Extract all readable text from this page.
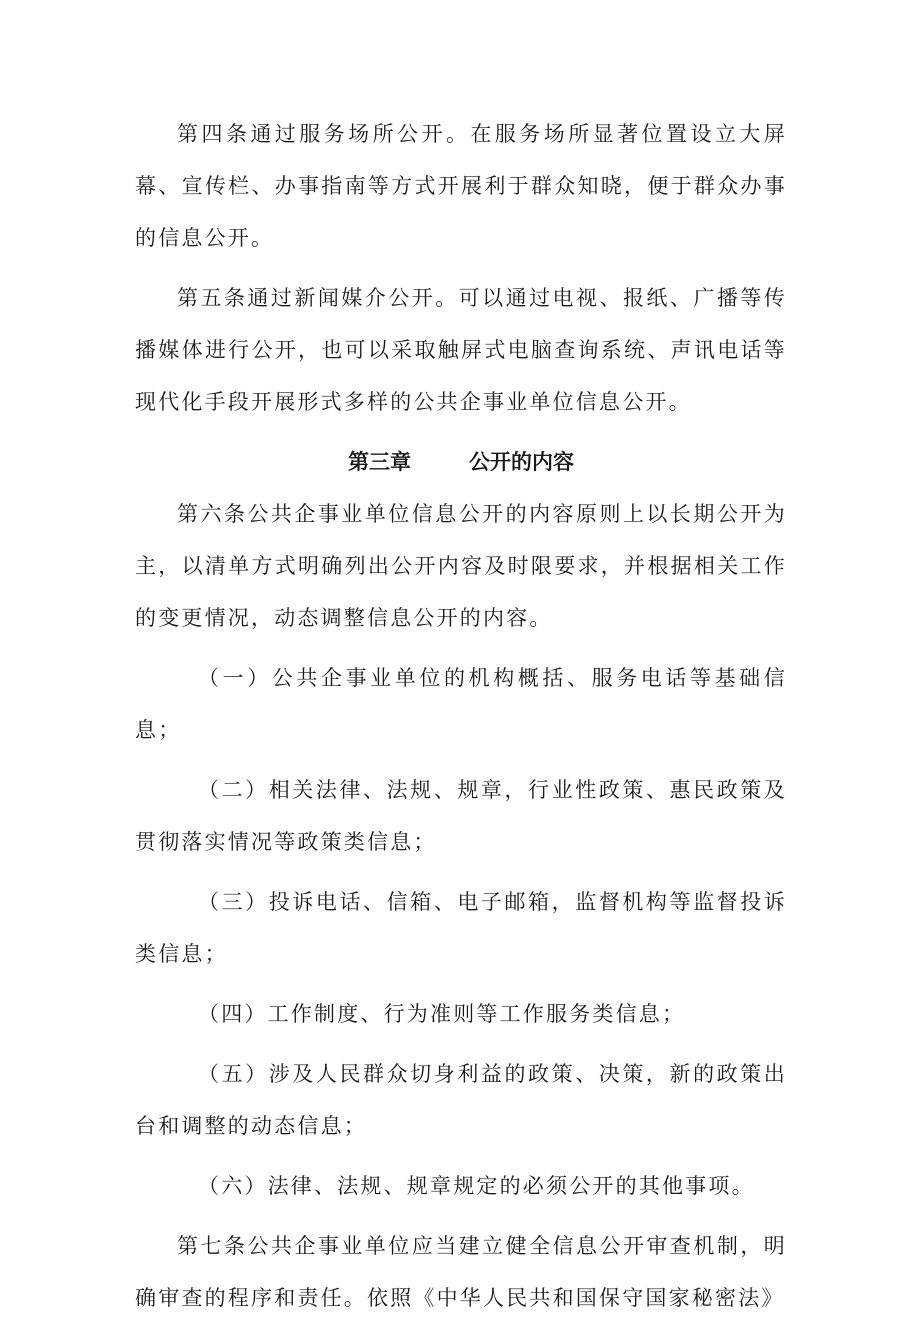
第四条通过服务场所公开。在服务场所显著位置设立大屏幕、宣传栏、办事指南等方式开展利于群众知晓，便于群众办事的信息公开。

第五条通过新闻媒介公开。可以通过电视、报纸、广播等传播媒体进行公开，也可以采取触屏式电脑查询系统、声讯电话等现代化手段开展形式多样的公共企事业单位信息公开。

第三章	公开的内容

第六条公共企事业单位信息公开的内容原则上以长期公开为主，以清单方式明确列出公开内容及时限要求，并根据相关工作的变更情况，动态调整信息公开的内容。

（一）公共企事业单位的机构概括、服务电话等基础信息；

（二）相关法律、法规、规章，行业性政策、惠民政策及贯彻落实情况等政策类信息；

（三）投诉电话、信箱、电子邮箱，监督机构等监督投诉类信息；

（四）工作制度、行为准则等工作服务类信息；

（五）涉及人民群众切身利益的政策、决策，新的政策出台和调整的动态信息；

（六）法律、法规、规章规定的必须公开的其他事项。

第七条公共企事业单位应当建立健全信息公开审查机制，明确审查的程序和责任。依照《中华人民共和国保守国家秘密法》
